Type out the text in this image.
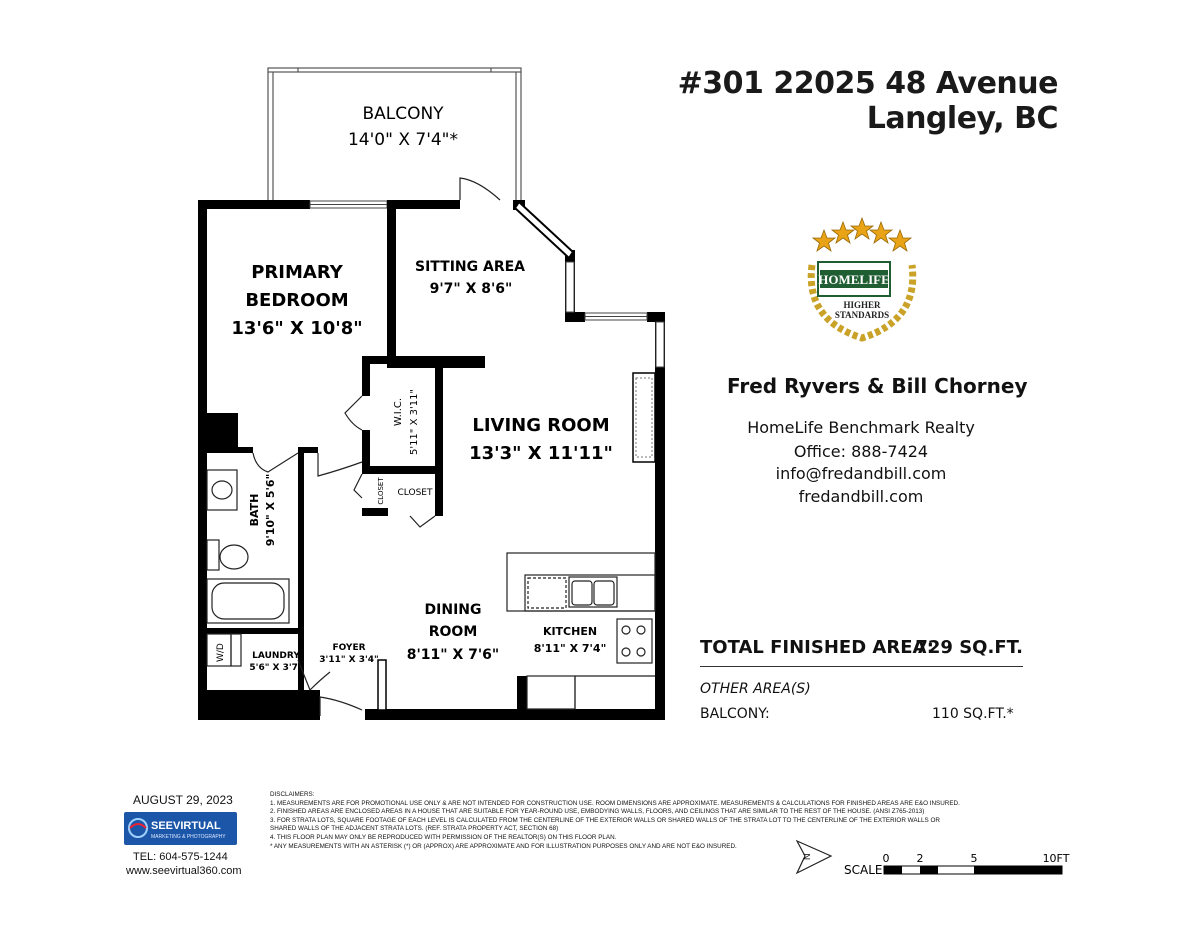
BALCONY
14'0" X 7'4"*
W/D
PRIMARY
BEDROOM
13'6" X 10'8"
SITTING AREA
9'7" X 8'6"
LIVING ROOM
13'3" X 11'11"
W.I.C. 5'11" X 3'11"
CLOSET CLOSET
BATH 9'10" X 5'6"
LAUNDRY
5'6" X 3'7"
FOYER
3'11" X 3'4"
DINING
ROOM
8'11" X 7'6"
KITCHEN
8'11" X 7'4"
HOMELIFE
HIGHER
STANDARDS
N
SCALE
0 2	5	10FT
#301 22025 48 Avenue
Langley, BC
Fred Ryvers & Bill Chorney
HomeLife Benchmark Realty
Office: 888-7424
info@fredandbill.com
fredandbill.com
TOTAL FINISHED AREA:
729 SQ.FT.
OTHER AREA(S)
BALCONY:	110 SQ.FT.*
AUGUST 29, 2023
SEEVIRTUAL
MARKETING & PHOTOGRAPHY
TEL: 604-575-1244
www.seevirtual360.com
DISCLAIMERS:
1. MEASUREMENTS ARE FOR PROMOTIONAL USE ONLY & ARE NOT INTENDED FOR CONSTRUCTION USE. ROOM DIMENSIONS ARE APPROXIMATE. MEASUREMENTS & CALCULATIONS FOR FINISHED AREAS ARE E&O INSURED.
2. FINISHED AREAS ARE ENCLOSED AREAS IN A HOUSE THAT ARE SUITABLE FOR YEAR-ROUND USE, EMBODYING WALLS, FLOORS, AND CEILINGS THAT ARE SIMILAR TO THE REST OF THE HOUSE. (ANSI Z765-2013)
3. FOR STRATA LOTS, SQUARE FOOTAGE OF EACH LEVEL IS CALCULATED FROM THE CENTERLINE OF THE EXTERIOR WALLS OR SHARED WALLS OF THE STRATA LOT TO THE CENTERLINE OF THE EXTERIOR WALLS OR
SHARED WALLS OF THE ADJACENT STRATA LOTS. (REF. STRATA PROPERTY ACT, SECTION 68)
4. THIS FLOOR PLAN MAY ONLY BE REPRODUCED WITH PERMISSION OF THE REALTOR(S) ON THIS FLOOR PLAN.
* ANY MEASUREMENTS WITH AN ASTERISK (*) OR (APPROX) ARE APPROXIMATE AND FOR ILLUSTRATION PURPOSES ONLY AND ARE NOT E&O INSURED.
